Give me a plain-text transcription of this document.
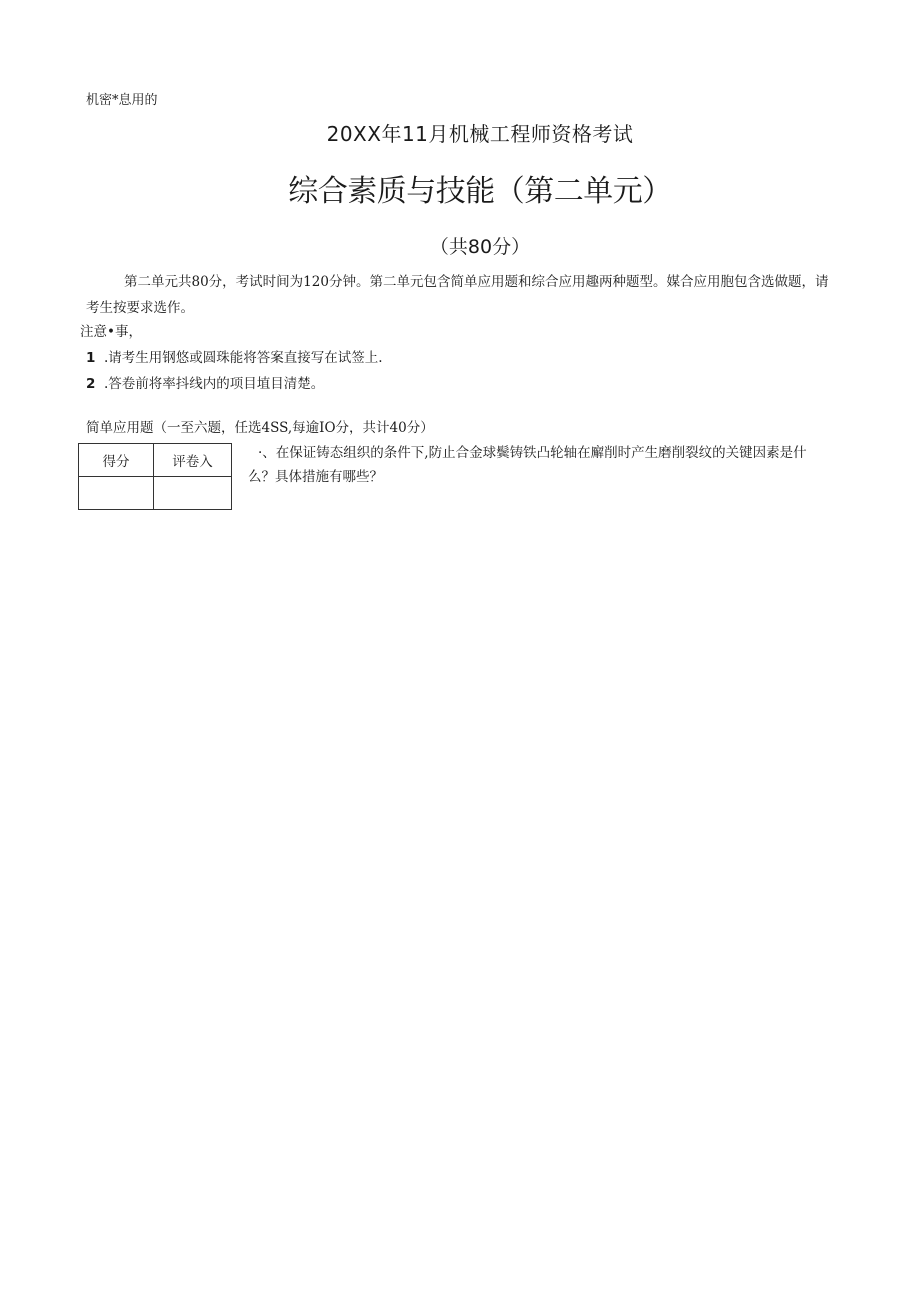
机密*息用的
20XX年11月机械工程师资格考试
综合素质与技能（第二单元）
（共80分）

第二单元共80分，考试时间为120分钟。第二单元包含简单应用题和综合应用趣两种题型。媒合应用胞包含选做题，请考生按要求选作。

注意•事，
1 .请考生用钢悠或圆珠能将答案直接写在试签上.
2 .答卷前将率抖线内的项目埴目清楚。
简单应用题（一至六题，任选4SS,每逾IO分，共计40分）
得分	评卷入

·、在保证铸态组织的条件下,防止合金球鬓铸铁凸轮轴在廨削时产生磨削裂纹的关键因素是什么？具体措施有哪些？
